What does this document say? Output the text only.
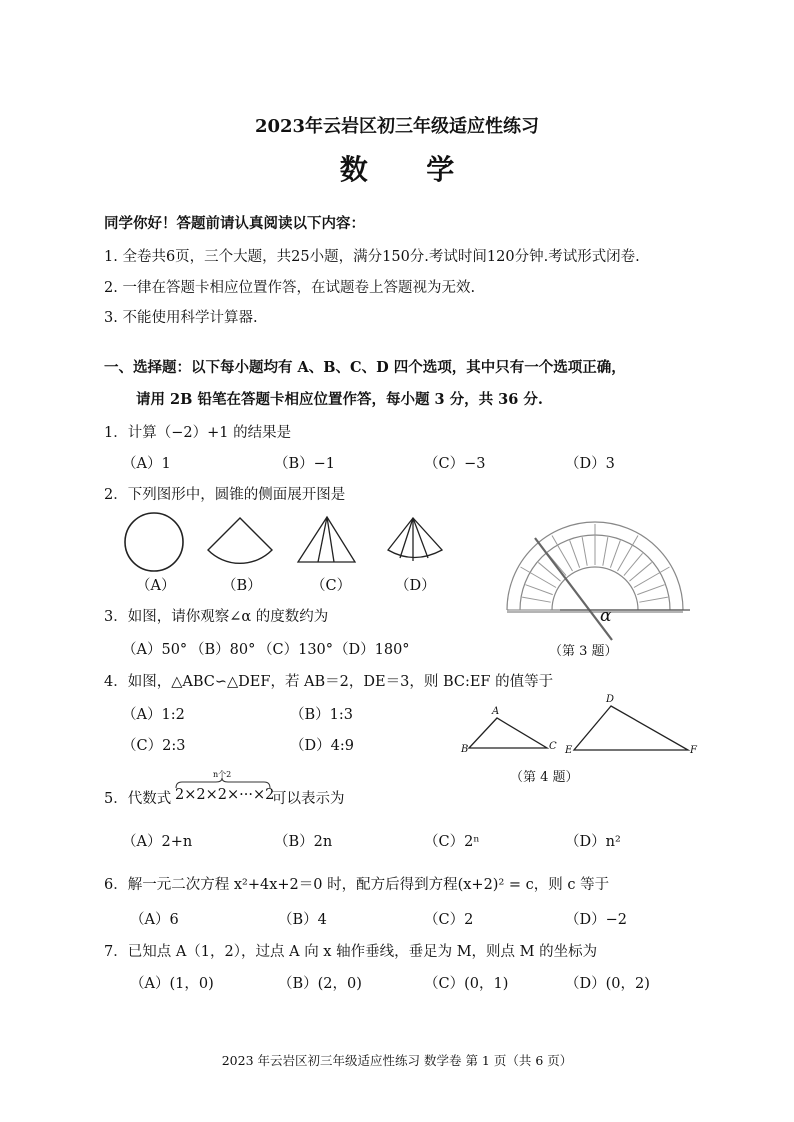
2023年云岩区初三年级适应性练习
数      学
同学你好！答题前请认真阅读以下内容：
1. 全卷共6页，三个大题，共25小题，满分150分.考试时间120分钟.考试形式闭卷.
2. 一律在答题卡相应位置作答，在试题卷上答题视为无效.
3. 不能使用科学计算器.
一、选择题：以下每小题均有 A、B、C、D 四个选项，其中只有一个选项正确，
请用 2B 铅笔在答题卡相应位置作答，每小题 3 分，共 36 分.
1．计算（−2）+1 的结果是
（A）1	（B）−1	（C）−3	（D）3
2．下列图形中，圆锥的侧面展开图是
（A）	（B）	（C）	（D）
α
（第 3 题）
3．如图，请你观察∠α 的度数约为
（A）50° （B）80° （C）130° （D）180°
4．如图，△ABC∽△DEF，若 AB＝2，DE＝3，则 BC:EF 的值等于
（A）1:2	（B）1:3
（C）2:3	（D）4:9
A
B	C
D
E	F
（第 4 题）
5．代数式 2×2×2×···×2
n个2
可以表示为
（A）2+n	（B）2n	（C）2ⁿ	（D）n²
6．解一元二次方程 x²+4x+2＝0 时，配方后得到方程(x+2)² = c，则 c 等于
（A）6	（B）4	（C）2	（D）−2
7．已知点 A（1，2），过点 A 向 x 轴作垂线，垂足为 M，则点 M 的坐标为
（A）(1，0)	（B）(2，0)	（C）(0，1)	（D）(0，2)
2023 年云岩区初三年级适应性练习 数学卷 第 1 页（共 6 页）
